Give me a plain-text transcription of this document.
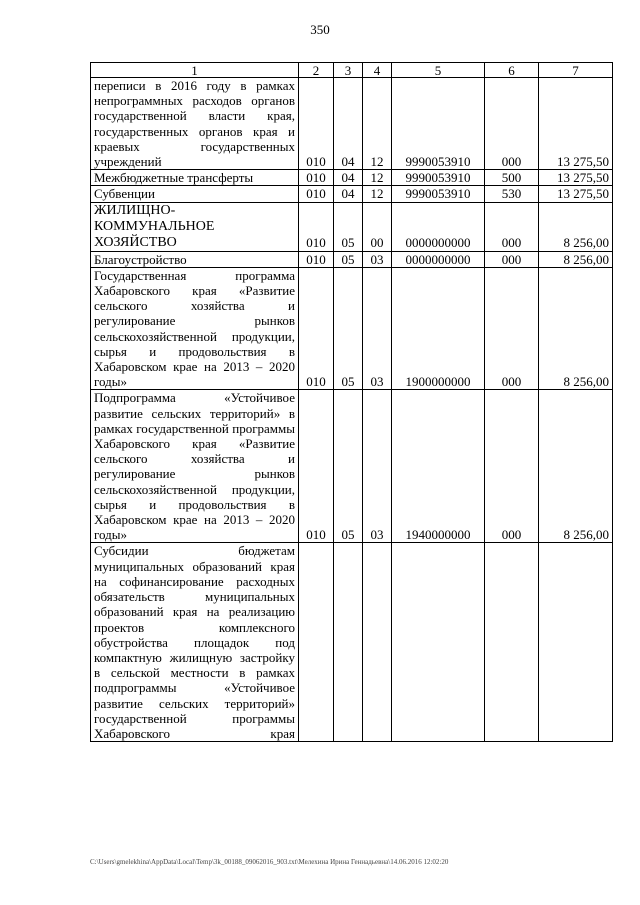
350
1	2	3	4	5	6	7
переписи в 2016 году в рамках непрограммных расходов органов государственной власти края, государственных органов края и краевых государственных учреждений	010	04	12	9990053910	000	13 275,50
Межбюджетные трансферты	010	04	12	9990053910	500	13 275,50
Субвенции	010	04	12	9990053910	530	13 275,50
ЖИЛИЩНО-КОММУНАЛЬНОЕ ХОЗЯЙСТВО	010	05	00	0000000000	000	8 256,00
Благоустройство	010	05	03	0000000000	000	8 256,00
Государственная программа Хабаровского края «Развитие сельского хозяйства и регулирование рынков сельскохозяйственной продукции, сырья и продовольствия в Хабаровском крае на 2013 – 2020 годы»	010	05	03	1900000000	000	8 256,00
Подпрограмма «Устойчивое развитие сельских территорий» в рамках государственной программы Хабаровского края «Развитие сельского хозяйства и регулирование рынков сельскохозяйственной продукции, сырья и продовольствия в Хабаровском крае на 2013 – 2020 годы»	010	05	03	1940000000	000	8 256,00
Субсидии бюджетам муниципальных образований края на софинансирование расходных обязательств муниципальных образований края на реализацию проектов комплексного обустройства площадок под компактную жилищную застройку в сельской местности в рамках подпрограммы «Устойчивое развитие сельских территорий» государственной программы Хабаровского края						
C:\Users\gmelekhina\AppData\Local\Temp\3k_00188_09062016_903.txt\Мелехина Ирина Геннадьевна\14.06.2016 12:02:20
